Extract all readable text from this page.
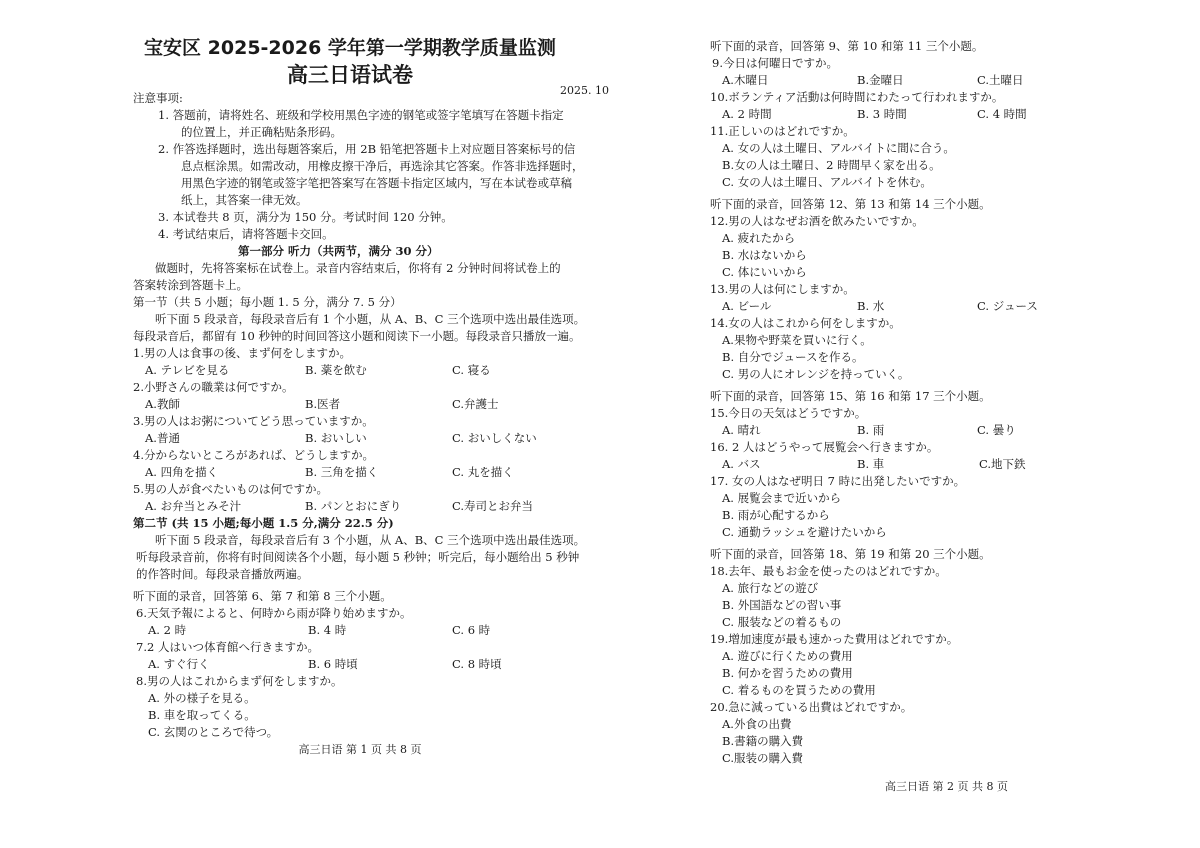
宝安区 2025-2026 学年第一学期教学质量监测
高三日语试卷
2025. 10
注意事项:
1. 答题前，请将姓名、班级和学校用黑色字迹的钢笔或签字笔填写在答题卡指定
的位置上，并正确粘贴条形码。
2. 作答选择题时，选出每题答案后，用 2B 铅笔把答题卡上对应题目答案标号的信
息点框涂黑。如需改动，用橡皮擦干净后，再选涂其它答案。作答非选择题时，
用黑色字迹的钢笔或签字笔把答案写在答题卡指定区域内，写在本试卷或草稿
纸上，其答案一律无效。
3. 本试卷共 8 页，满分为 150 分。考试时间 120 分钟。
4. 考试结束后，请将答题卡交回。
第一部分 听力（共两节，满分 30 分）
做题时，先将答案标在试卷上。录音内容结束后，你将有 2 分钟时间将试卷上的
答案转涂到答题卡上。
第一节（共 5 小题；每小题 1. 5 分，满分 7. 5 分）
听下面 5 段录音，每段录音后有 1 个小题，从 A、B、C 三个选项中选出最佳选项。
每段录音后，都留有 10 秒钟的时间回答这小题和阅读下一小题。每段录音只播放一遍。
1.男の人は食事の後、まず何をしますか。
A. テレビを見る	B. 薬を飲む	C. 寝る
2.小野さんの職業は何ですか。
A.教師	B.医者	C.弁護士
3.男の人はお粥についてどう思っていますか。
A.普通	B. おいしい	C. おいしくない
4.分からないところがあれば、どうしますか。
A. 四角を描く	B. 三角を描く	C. 丸を描く
5.男の人が食べたいものは何ですか。
A. お弁当とみそ汁	B. パンとおにぎり	C.寿司とお弁当
第二节 (共 15 小题;每小题 1.5 分,满分 22.5 分)
听下面 5 段录音，每段录音后有 3 个小题，从 A、B、C 三个选项中选出最佳选项。
听每段录音前，你将有时间阅读各个小题，每小题 5 秒钟；听完后，每小题给出 5 秒钟
的作答时间。每段录音播放两遍。
听下面的录音，回答第 6、第 7 和第 8 三个小题。
6.天気予報によると、何時から雨が降り始めますか。
A. 2 時	B. 4 時	C. 6 時
7.2 人はいつ体育館へ行きますか。
A. すぐ行く	B. 6 時頃	C. 8 時頃
8.男の人はこれからまず何をしますか。
A. 外の様子を見る。
B. 車を取ってくる。
C. 玄関のところで待つ。
高三日语 第 1 页 共 8 页
听下面的录音，回答第 9、第 10 和第 11 三个小题。
9.今日は何曜日ですか。
A.木曜日	B.金曜日	C.土曜日
10.ボランティア活動は何時間にわたって行われますか。
A. 2 時間	B. 3 時間	C. 4 時間
11.正しいのはどれですか。
A. 女の人は土曜日、アルバイトに間に合う。
B.女の人は土曜日、2 時間早く家を出る。
C. 女の人は土曜日、アルバイトを休む。
听下面的录音，回答第 12、第 13 和第 14 三个小题。
12.男の人はなぜお酒を飲みたいですか。
A. 疲れたから
B. 水はないから
C. 体にいいから
13.男の人は何にしますか。
A. ビール	B. 水	C. ジュース
14.女の人はこれから何をしますか。
A.果物や野菜を買いに行く。
B. 自分でジュースを作る。
C. 男の人にオレンジを持っていく。
听下面的录音，回答第 15、第 16 和第 17 三个小题。
15.今日の天気はどうですか。
A. 晴れ	B. 雨	C. 曇り
16. 2 人はどうやって展覧会へ行きますか。
A. バス	B. 車	C.地下鉄
17. 女の人はなぜ明日 7 時に出発したいですか。
A. 展覧会まで近いから
B. 雨が心配するから
C. 通勤ラッシュを避けたいから
听下面的录音，回答第 18、第 19 和第 20 三个小题。
18.去年、最もお金を使ったのはどれですか。
A. 旅行などの遊び
B. 外国語などの習い事
C. 服装などの着るもの
19.増加速度が最も速かった費用はどれですか。
A. 遊びに行くための費用
B. 何かを習うための費用
C. 着るものを買うための費用
20.急に減っている出費はどれですか。
A.外食の出費
B.書籍の購入費
C.服装の購入費
高三日语 第 2 页 共 8 页
